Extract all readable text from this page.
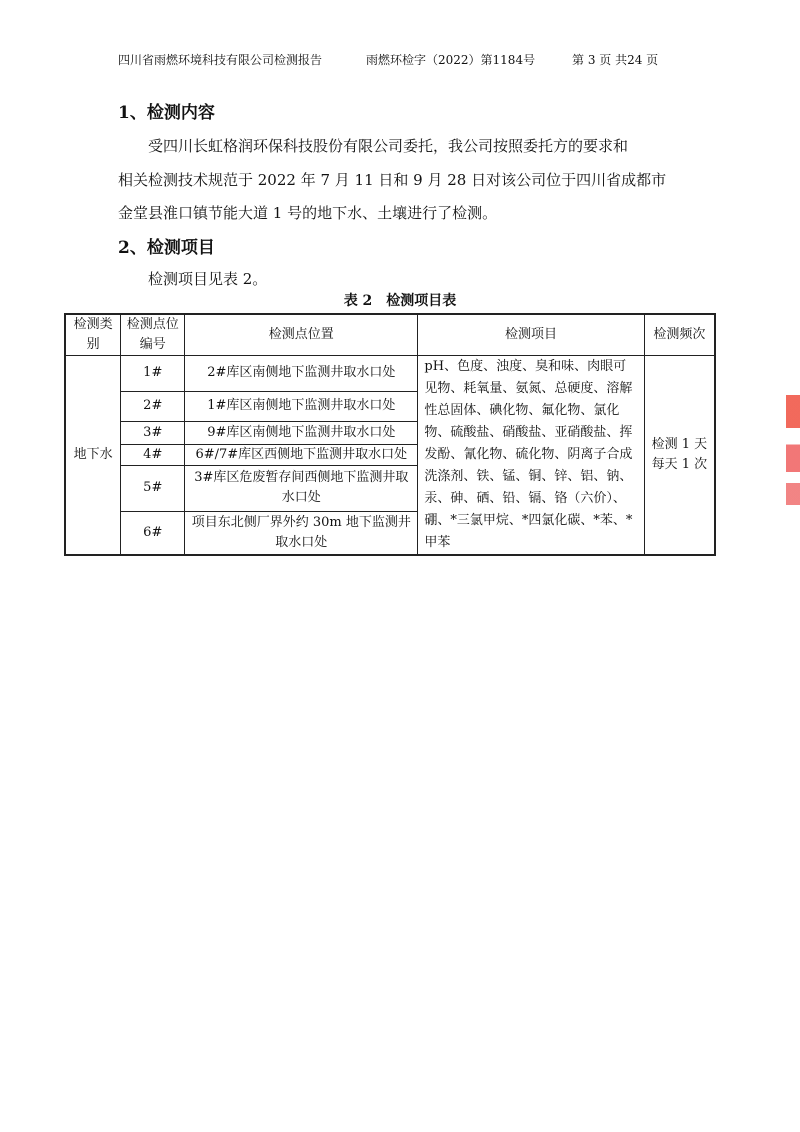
四川省雨燃环境科技有限公司检测报告	雨燃环检字（2022）第1184号	第 3 页 共24 页
1、检测内容
受四川长虹格润环保科技股份有限公司委托，我公司按照委托方的要求和
相关检测技术规范于 2022 年 7 月 11 日和 9 月 28 日对该公司位于四川省成都市
金堂县淮口镇节能大道 1 号的地下水、土壤进行了检测。
2、检测项目
检测项目见表 2。
表 2　检测项目表
检测类别	检测点位编号	检测点位置	检测项目	检测频次
地下水	1#	2#库区南侧地下监测井取水口处	pH、色度、浊度、臭和味、肉眼可见物、耗氧量、氨氮、总硬度、溶解性总固体、碘化物、氟化物、氯化物、硫酸盐、硝酸盐、亚硝酸盐、挥发酚、氰化物、硫化物、阴离子合成洗涤剂、铁、锰、铜、锌、铝、钠、汞、砷、硒、铅、镉、铬（六价）、硼、*三氯甲烷、*四氯化碳、*苯、*甲苯	检测 1 天每天 1 次
	2#	1#库区南侧地下监测井取水口处		
	3#	9#库区南侧地下监测井取水口处		
	4#	6#/7#库区西侧地下监测井取水口处		
	5#	3#库区危废暂存间西侧地下监测井取水口处		
	6#	项目东北侧厂界外约 30m 地下监测井取水口处		
